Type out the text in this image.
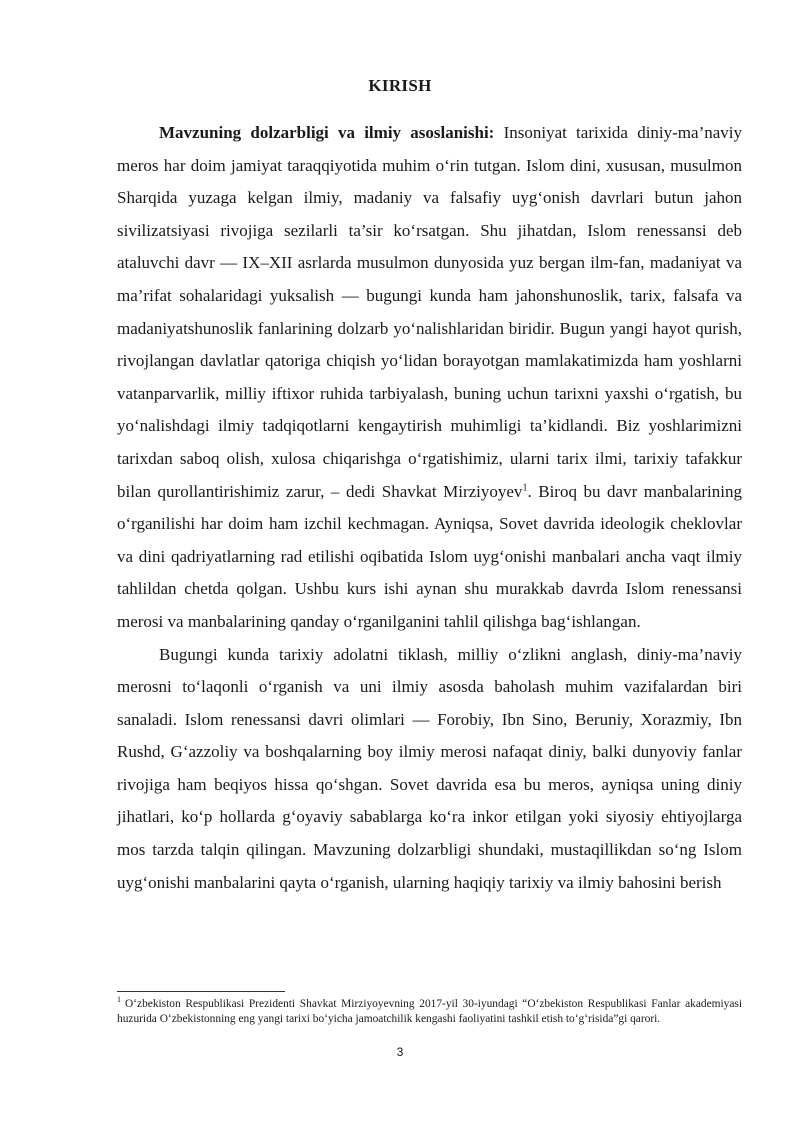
KIRISH

Mavzuning dolzarbligi va ilmiy asoslanishi: Insoniyat tarixida diniy-ma’naviy meros har doim jamiyat taraqqiyotida muhim o‘rin tutgan. Islom dini, xususan, musulmon Sharqida yuzaga kelgan ilmiy, madaniy va falsafiy uyg‘onish davrlari butun jahon sivilizatsiyasi rivojiga sezilarli ta’sir ko‘rsatgan. Shu jihatdan, Islom renessansi deb ataluvchi davr — IX–XII asrlarda musulmon dunyosida yuz bergan ilm-fan, madaniyat va ma’rifat sohalaridagi yuksalish — bugungi kunda ham jahonshunoslik, tarix, falsafa va madaniyatshunoslik fanlarining dolzarb yo‘nalishlaridan biridir. Bugun yangi hayot qurish, rivojlangan davlatlar qatoriga chiqish yo‘lidan borayotgan mamlakatimizda ham yoshlarni vatanparvarlik, milliy iftixor ruhida tarbiyalash, buning uchun tarixni yaxshi o‘rgatish, bu yo‘nalishdagi ilmiy tadqiqotlarni kengaytirish muhimligi ta’kidlandi. Biz yoshlarimizni tarixdan saboq olish, xulosa chiqarishga o‘rgatishimiz, ularni tarix ilmi, tarixiy tafakkur bilan qurollantirishimiz zarur, – dedi Shavkat Mirziyoyev$^1$. Biroq bu davr manbalarining o‘rganilishi har doim ham izchil kechmagan. Ayniqsa, Sovet davrida ideologik cheklovlar va dini qadriyatlarning rad etilishi oqibatida Islom uyg‘onishi manbalari ancha vaqt ilmiy tahlildan chetda qolgan. Ushbu kurs ishi aynan shu murakkab davrda Islom renessansi merosi va manbalarining qanday o‘rganilganini tahlil qilishga bag‘ishlangan.

Bugungi kunda tarixiy adolatni tiklash, milliy o‘zlikni anglash, diniy-ma’naviy merosni to‘laqonli o‘rganish va uni ilmiy asosda baholash muhim vazifalardan biri sanaladi. Islom renessansi davri olimlari — Forobiy, Ibn Sino, Beruniy, Xorazmiy, Ibn Rushd, G‘azzoliy va boshqalarning boy ilmiy merosi nafaqat diniy, balki dunyoviy fanlar rivojiga ham beqiyos hissa qo‘shgan. Sovet davrida esa bu meros, ayniqsa uning diniy jihatlari, ko‘p hollarda g‘oyaviy sabablarga ko‘ra inkor etilgan yoki siyosiy ehtiyojlarga mos tarzda talqin qilingan. Mavzuning dolzarbligi shundaki, mustaqillikdan so‘ng Islom uyg‘onishi manbalarini qayta o‘rganish, ularning haqiqiy tarixiy va ilmiy bahosini berish

$^1$ O‘zbekiston Respublikasi Prezidenti Shavkat Mirziyoyevning 2017-yil 30-iyundagi “O‘zbekiston Respublikasi Fanlar akademiyasi huzurida O‘zbekistonning eng yangi tarixi bo‘yicha jamoatchilik kengashi faoliyatini tashkil etish to‘g‘risida”gi qarori.
3
